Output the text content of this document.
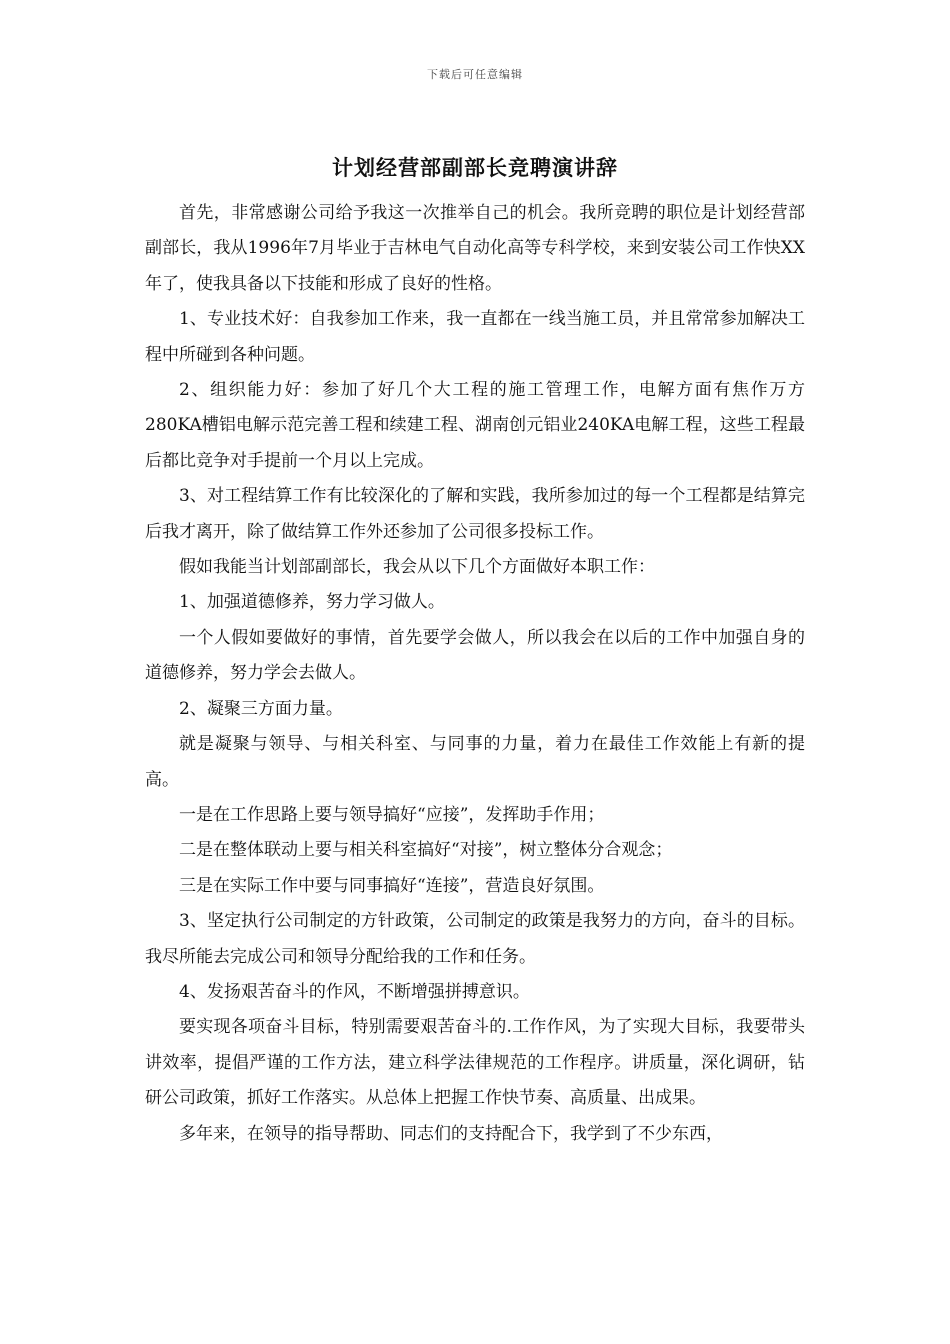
下载后可任意编辑
计划经营部副部长竞聘演讲辞

首先，非常感谢公司给予我这一次推举自己的机会。我所竞聘的职位是计划经营部副部长，我从1996年7月毕业于吉林电气自动化高等专科学校，来到安装公司工作快XX年了，使我具备以下技能和形成了良好的性格。

1、专业技术好：自我参加工作来，我一直都在一线当施工员，并且常常参加解决工程中所碰到各种问题。

2、组织能力好：参加了好几个大工程的施工管理工作，电解方面有焦作万方280KA槽铝电解示范完善工程和续建工程、湖南创元铝业240KA电解工程，这些工程最后都比竞争对手提前一个月以上完成。

3、对工程结算工作有比较深化的了解和实践，我所参加过的每一个工程都是结算完后我才离开，除了做结算工作外还参加了公司很多投标工作。

假如我能当计划部副部长，我会从以下几个方面做好本职工作：

1、加强道德修养，努力学习做人。

一个人假如要做好的事情，首先要学会做人，所以我会在以后的工作中加强自身的道德修养，努力学会去做人。

2、凝聚三方面力量。

就是凝聚与领导、与相关科室、与同事的力量，着力在最佳工作效能上有新的提高。

一是在工作思路上要与领导搞好“应接”，发挥助手作用；

二是在整体联动上要与相关科室搞好“对接”，树立整体分合观念；

三是在实际工作中要与同事搞好“连接”，营造良好氛围。

3、坚定执行公司制定的方针政策，公司制定的政策是我努力的方向，奋斗的目标。我尽所能去完成公司和领导分配给我的工作和任务。

4、发扬艰苦奋斗的作风，不断增强拼搏意识。

要实现各项奋斗目标，特别需要艰苦奋斗的.工作作风，为了实现大目标，我要带头讲效率，提倡严谨的工作方法，建立科学法律规范的工作程序。讲质量，深化调研，钻研公司政策，抓好工作落实。从总体上把握工作快节奏、高质量、出成果。

多年来，在领导的指导帮助、同志们的支持配合下，我学到了不少东西，
